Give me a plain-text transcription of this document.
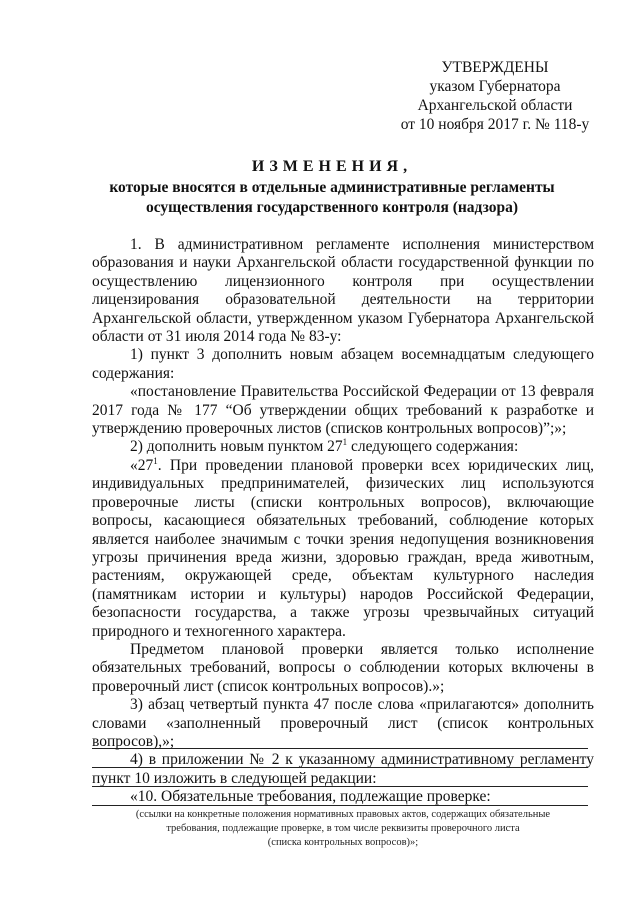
УТВЕРЖДЕНЫ
указом Губернатора
Архангельской области
от 10 ноября 2017 г. № 118-у
ИЗМЕНЕНИЯ,
которые вносятся в отдельные административные регламенты
осуществления государственного контроля (надзора)

1. В административном регламенте исполнения министерством образования и науки Архангельской области государственной функции по осуществлению лицензионного контроля при осуществлении лицензирования образовательной деятельности на территории Архангельской области, утвержденном указом Губернатора Архангельской области от 31 июля 2014 года № 83-у:

1) пункт 3 дополнить новым абзацем восемнадцатым следующего содержания:

«постановление Правительства Российской Федерации от 13 февраля 2017 года № 177 “Об утверждении общих требований к разработке и утверждению проверочных листов (списков контрольных вопросов)”;»;

2) дополнить новым пунктом $27^1$ следующего содержания:

«$27^1$. При проведении плановой проверки всех юридических лиц, индивидуальных предпринимателей, физических лиц используются проверочные листы (списки контрольных вопросов), включающие вопросы, касающиеся обязательных требований, соблюдение которых является наиболее значимым с точки зрения недопущения возникновения угрозы причинения вреда жизни, здоровью граждан, вреда животным, растениям, окружающей среде, объектам культурного наследия (памятникам истории и культуры) народов Российской Федерации, безопасности государства, а также угрозы чрезвычайных ситуаций природного и техногенного характера.

Предметом плановой проверки является только исполнение обязательных требований, вопросы о соблюдении которых включены в проверочный лист (список контрольных вопросов).»;

3) абзац четвертый пункта 47 после слова «прилагаются» дополнить словами «заполненный проверочный лист (список контрольных вопросов),»;

4) в приложении № 2 к указанному административному регламенту пункт 10 изложить в следующей редакции:

«10. Обязательные требования, подлежащие проверке:

(ссылки на конкретные положения нормативных правовых актов, содержащих обязательные
требования, подлежащие проверке, в том числе реквизиты проверочного листа
(списка контрольных вопросов)»;
